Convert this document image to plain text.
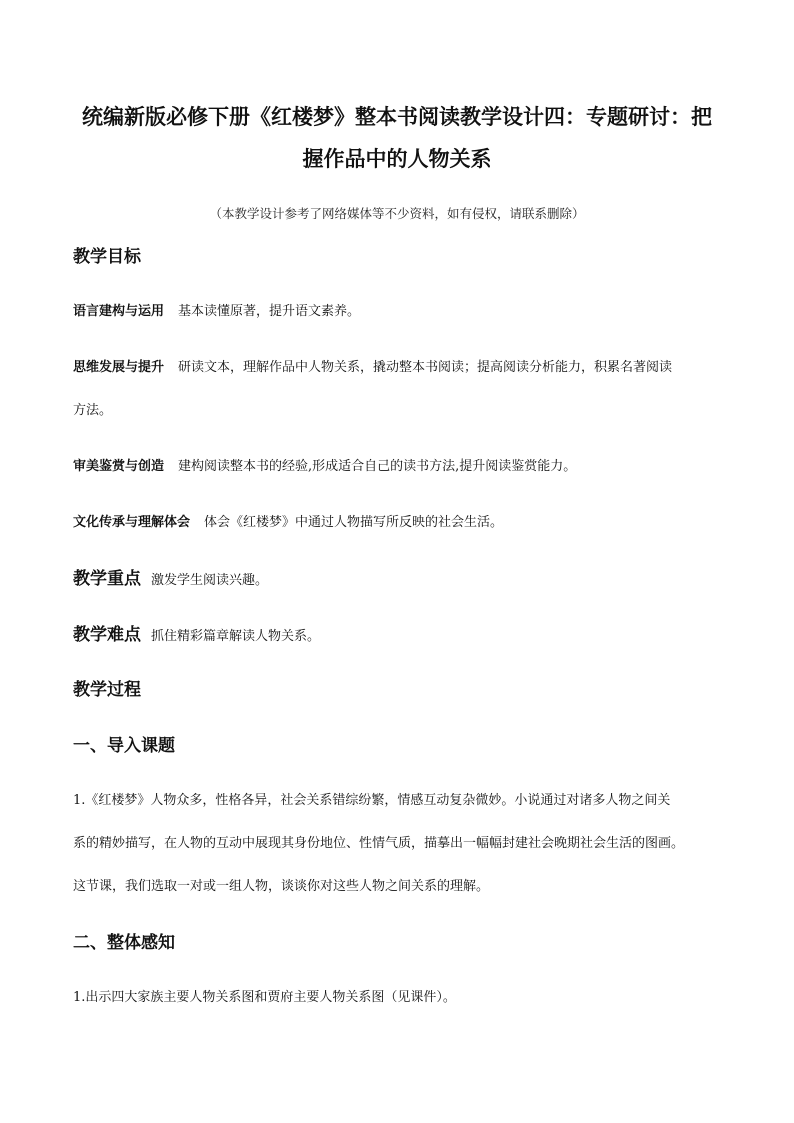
统编新版必修下册《红楼梦》整本书阅读教学设计四：专题研讨：把
握作品中的人物关系
（本教学设计参考了网络媒体等不少资料，如有侵权，请联系删除）
教学目标
语言建构与运用 基本读懂原著，提升语文素养。
思维发展与提升 研读文本，理解作品中人物关系，撬动整本书阅读；提高阅读分析能力，积累名著阅读
方法。
审美鉴赏与创造 建构阅读整本书的经验,形成适合自己的读书方法,提升阅读鉴赏能力。
文化传承与理解体会 体会《红楼梦》中通过人物描写所反映的社会生活。
教学重点 激发学生阅读兴趣。
教学难点 抓住精彩篇章解读人物关系。
教学过程
一、导入课题
1.《红楼梦》人物众多，性格各异，社会关系错综纷繁，情感互动复杂微妙。小说通过对诸多人物之间关
系的精妙描写，在人物的互动中展现其身份地位、性情气质，描摹出一幅幅封建社会晚期社会生活的图画。
这节课，我们选取一对或一组人物，谈谈你对这些人物之间关系的理解。
二、整体感知
1.出示四大家族主要人物关系图和贾府主要人物关系图（见课件）。
